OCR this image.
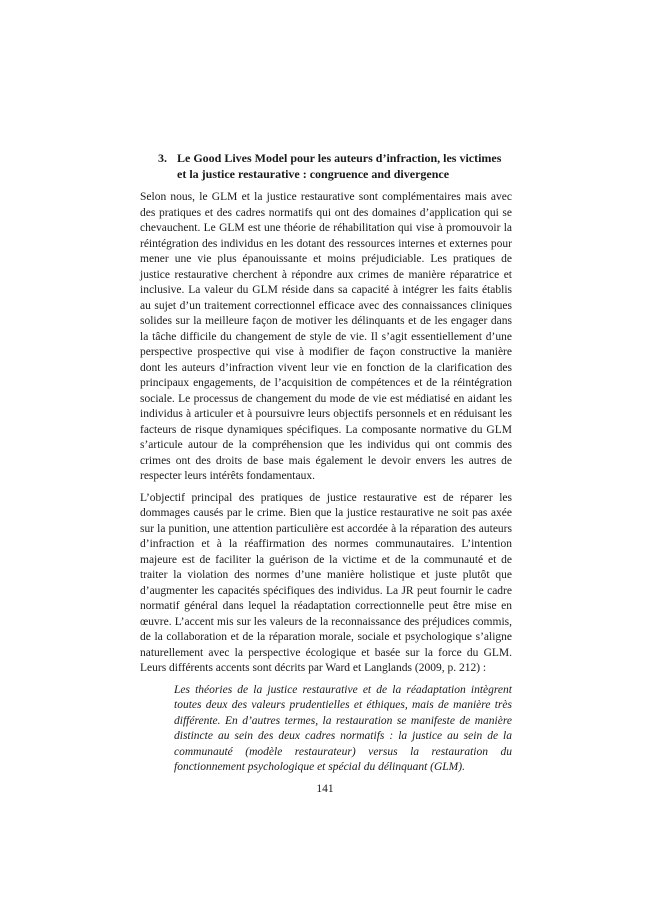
3. Le Good Lives Model pour les auteurs d’infraction, les victimes et la justice restaurative : congruence and divergence

Selon nous, le GLM et la justice restaurative sont complémentaires mais avec des pratiques et des cadres normatifs qui ont des domaines d’application qui se chevauchent. Le GLM est une théorie de réhabilitation qui vise à promouvoir la réintégration des individus en les dotant des ressources internes et externes pour mener une vie plus épanouissante et moins préjudiciable. Les pratiques de justice restaurative cherchent à répondre aux crimes de manière réparatrice et inclusive. La valeur du GLM réside dans sa capacité à intégrer les faits établis au sujet d’un traitement correctionnel efficace avec des connaissances cliniques solides sur la meilleure façon de motiver les délinquants et de les engager dans la tâche difficile du changement de style de vie. Il s’agit essentiellement d’une perspective prospective qui vise à modifier de façon constructive la manière dont les auteurs d’infraction vivent leur vie en fonction de la clarification des principaux engagements, de l’acquisition de compétences et de la réintégration sociale. Le processus de changement du mode de vie est médiatisé en aidant les individus à articuler et à poursuivre leurs objectifs personnels et en réduisant les facteurs de risque dynamiques spécifiques. La composante normative du GLM s’articule autour de la compréhension que les individus qui ont commis des crimes ont des droits de base mais également le devoir envers les autres de respecter leurs intérêts fondamentaux.

L’objectif principal des pratiques de justice restaurative est de réparer les dommages causés par le crime. Bien que la justice restaurative ne soit pas axée sur la punition, une attention particulière est accordée à la réparation des auteurs d’infraction et à la réaffirmation des normes communautaires. L’intention majeure est de faciliter la guérison de la victime et de la communauté et de traiter la violation des normes d’une manière holistique et juste plutôt que d’augmenter les capacités spécifiques des individus. La JR peut fournir le cadre normatif général dans lequel la réadaptation correctionnelle peut être mise en œuvre. L’accent mis sur les valeurs de la reconnaissance des préjudices commis, de la collaboration et de la réparation morale, sociale et psychologique s’aligne naturellement avec la perspective écologique et basée sur la force du GLM. Leurs différents accents sont décrits par Ward et Langlands (2009, p. 212) :

Les théories de la justice restaurative et de la réadaptation intègrent toutes deux des valeurs prudentielles et éthiques, mais de manière très différente. En d’autres termes, la restauration se manifeste de manière distincte au sein des deux cadres normatifs : la justice au sein de la communauté (modèle restaurateur) versus la restauration du fonctionnement psychologique et spécial du délinquant (GLM).

141
